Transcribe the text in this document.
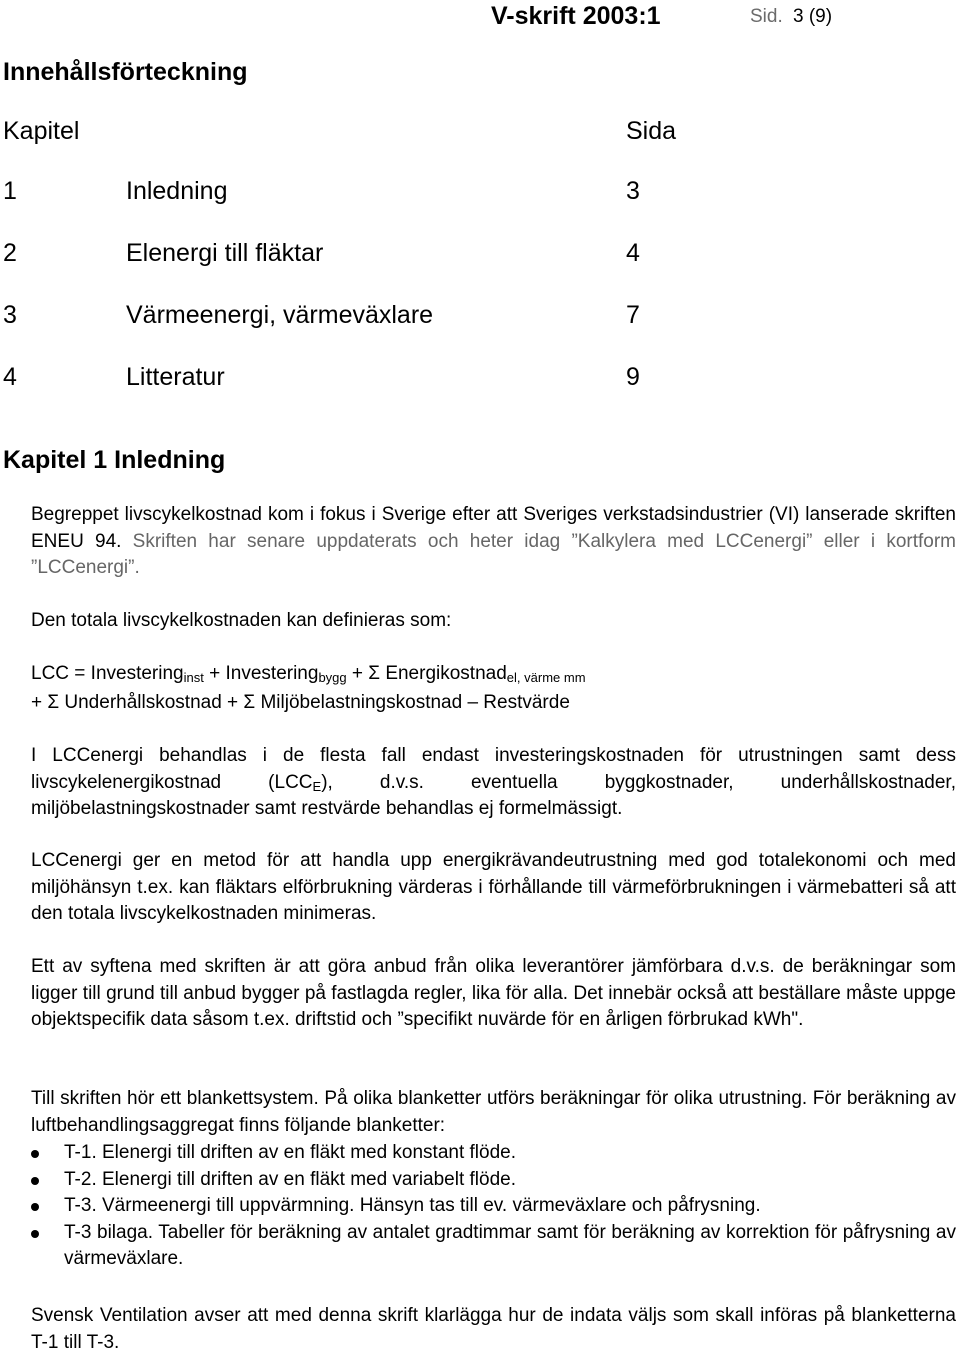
V-skrift 2003:1	Sid. 3 (9)
Innehållsförteckning
Kapitel	Sida
1	Inledning	3
2	Elenergi till fläktar	4
3	Värmeenergi, värmeväxlare	7
4	Litteratur	9
Kapitel 1 Inledning

Begreppet livscykelkostnad kom i fokus i Sverige efter att Sveriges verkstadsindustrier (VI) lanserade skriften ENEU 94. Skriften har senare uppdaterats och heter idag ”Kalkylera med LCCenergi” eller i kortform ”LCCenergi”.

Den totala livscykelkostnaden kan definieras som:

LCC = Investering$_{inst}$ + Investering$_{bygg}$ + Σ Energikostnad$_{el, värme mm}$
+ Σ Underhållskostnad + Σ Miljöbelastningskostnad – Restvärde

I LCCenergi behandlas i de flesta fall endast investeringskostnaden för utrustningen samt dess livscykelenergikostnad $(LCC_E)$, d.v.s. eventuella byggkostnader, underhållskostnader, miljöbelastningskostnader samt restvärde behandlas ej formelmässigt.

LCCenergi ger en metod för att handla upp energikrävandeutrustning med god totalekonomi och med miljöhänsyn t.ex. kan fläktars elförbrukning värderas i förhållande till värmeförbrukningen i värmebatteri så att den totala livscykelkostnaden minimeras.

Ett av syftena med skriften är att göra anbud från olika leverantörer jämförbara d.v.s. de beräkningar som ligger till grund till anbud bygger på fastlagda regler, lika för alla. Det innebär också att beställare måste uppge objektspecifik data såsom t.ex. driftstid och ”specifikt nuvärde för en årligen förbrukad kWh".

Till skriften hör ett blankettsystem. På olika blanketter utförs beräkningar för olika utrustning. För beräkning av luftbehandlingsaggregat finns följande blanketter:

T-1. Elenergi till driften av en fläkt med konstant flöde.
T-2. Elenergi till driften av en fläkt med variabelt flöde.
T-3. Värmeenergi till uppvärmning. Hänsyn tas till ev. värmeväxlare och påfrysning.
T-3 bilaga. Tabeller för beräkning av antalet gradtimmar samt för beräkning av korrektion för påfrysning av värmeväxlare.

Svensk Ventilation avser att med denna skrift klarlägga hur de indata väljs som skall införas på blanketterna T-1 till T-3.
